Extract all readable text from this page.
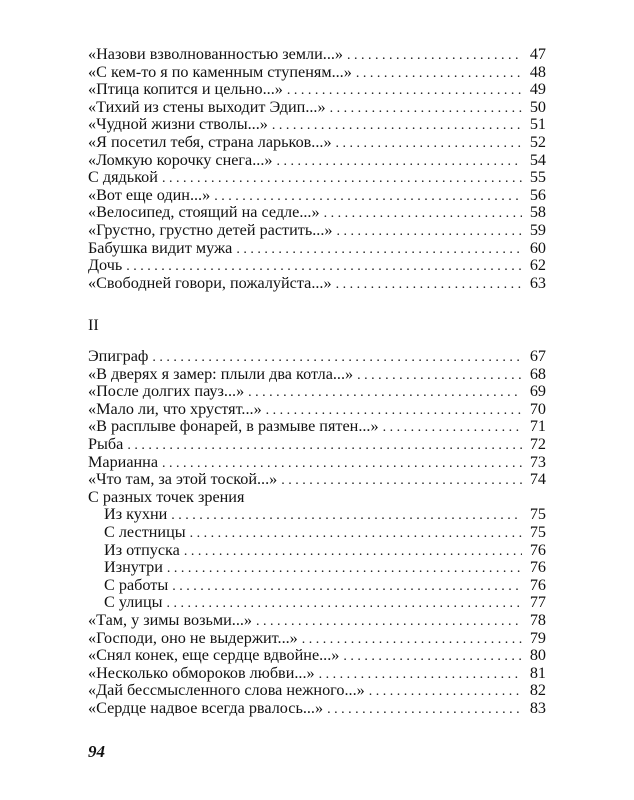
«Назови взволнованностью земли...» . . .	47
«С кем-то я по каменным ступеням...» . . .	48
«Птица копится и цельно...» . . .	49
«Тихий из стены выходит Эдип...» . . .	50
«Чудной жизни стволы...» . . .	51
«Я посетил тебя, страна ларьков...» . . .	52
«Ломкую корочку снега...» . . .	54
С дядькой . . .	55
«Вот еще один...» . . .	56
«Велосипед, стоящий на седле...» . . .	58
«Грустно, грустно детей растить...» . . .	59
Бабушка видит мужа . . .	60
Дочь . . .	62
«Свободней говори, пожалуйста...» . . .	63
II
Эпиграф . . .	67
«В дверях я замер: плыли два котла...» . . .	68
«После долгих пауз...» . . .	69
«Мало ли, что хрустят...» . . .	70
«В расплыве фонарей, в размыве пятен...» . . .	71
Рыба . . .	72
Марианна . . .	73
«Что там, за этой тоской...» . . .	74
С разных точек зрения
Из кухни . . .	75
С лестницы . . .	75
Из отпуска . . .	76
Изнутри . . .	76
С работы . . .	76
С улицы . . .	77
«Там, у зимы возьми...» . . .	78
«Господи, оно не выдержит...» . . .	79
«Снял конек, еще сердце вдвойне...» . . .	80
«Несколько обмороков любви...» . . .	81
«Дай бессмысленного слова нежного...» . . .	82
«Сердце надвое всегда рвалось...» . . .	83
94
